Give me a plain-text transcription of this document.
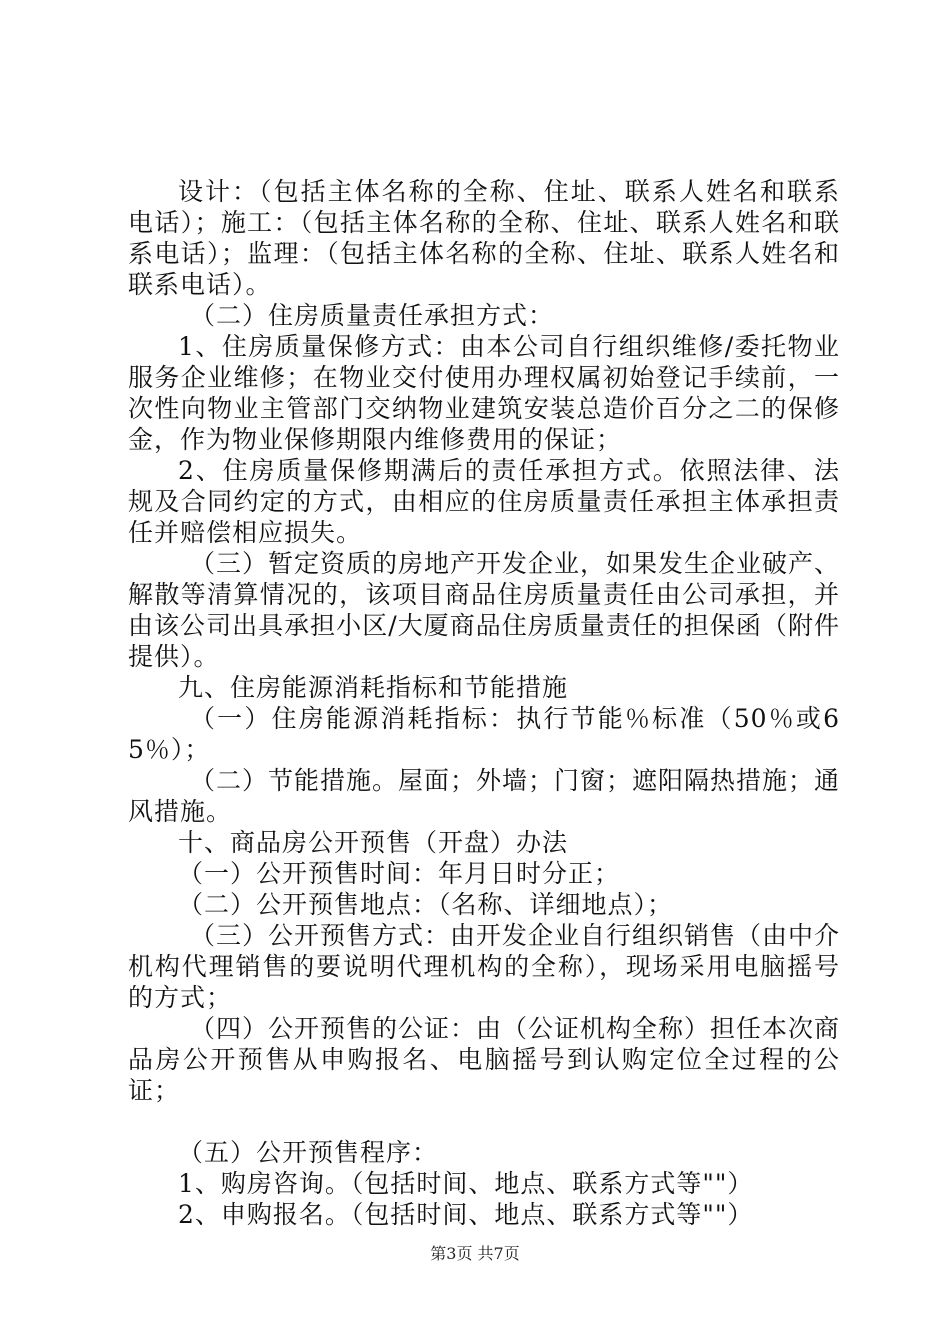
设计：（包括主体名称的全称、住址、联系人姓名和联系电话）；施工：（包括主体名称的全称、住址、联系人姓名和联系电话）；监理：（包括主体名称的全称、住址、联系人姓名和联系电话）。

（二）住房质量责任承担方式：

1、住房质量保修方式：由本公司自行组织维修/委托物业服务企业维修；在物业交付使用办理权属初始登记手续前，一次性向物业主管部门交纳物业建筑安装总造价百分之二的保修金，作为物业保修期限内维修费用的保证；

2、住房质量保修期满后的责任承担方式。依照法律、法规及合同约定的方式，由相应的住房质量责任承担主体承担责任并赔偿相应损失。

（三）暂定资质的房地产开发企业，如果发生企业破产、解散等清算情况的，该项目商品住房质量责任由公司承担，并由该公司出具承担小区/大厦商品住房质量责任的担保函（附件提供）。

九、住房能源消耗指标和节能措施

（一）住房能源消耗指标：执行节能％标准（50％或65％）；

（二）节能措施。屋面；外墙；门窗；遮阳隔热措施；通风措施。

十、商品房公开预售（开盘）办法

（一）公开预售时间：年月日时分正；

（二）公开预售地点：（名称、详细地点）；

（三）公开预售方式：由开发企业自行组织销售（由中介机构代理销售的要说明代理机构的全称），现场采用电脑摇号的方式；

（四）公开预售的公证：由（公证机构全称）担任本次商品房公开预售从申购报名、电脑摇号到认购定位全过程的公证；

（五）公开预售程序：

1、购房咨询。（包括时间、地点、联系方式等""）

2、申购报名。（包括时间、地点、联系方式等""）

第3页 共7页
